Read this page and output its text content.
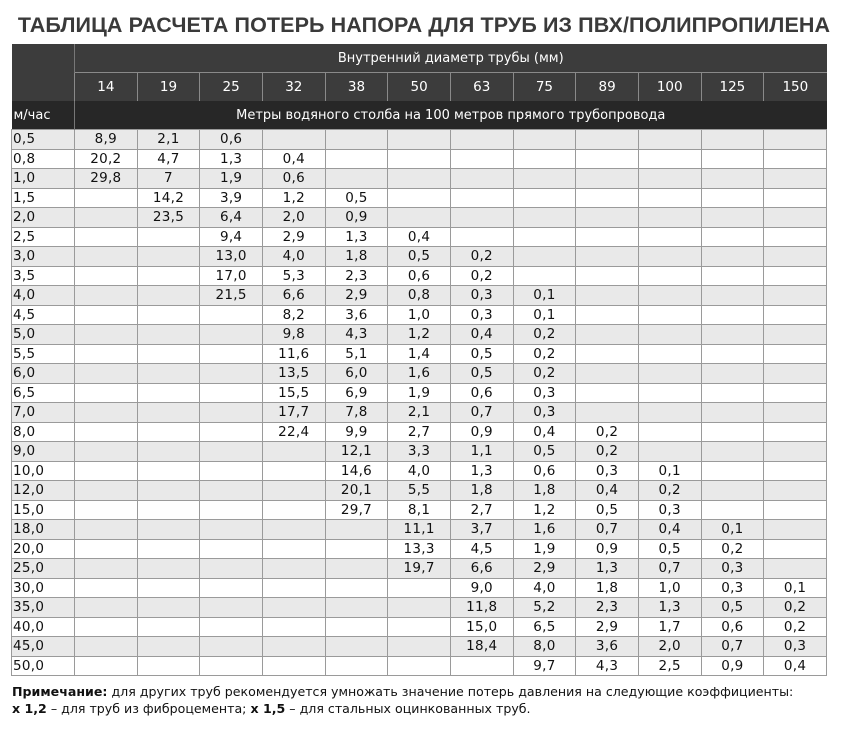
ТАБЛИЦА РАСЧЕТА ПОТЕРЬ НАПОРА ДЛЯ ТРУБ ИЗ ПВХ/ПОЛИПРОПИЛЕНА
	Внутренний диаметр трубы (мм)											
	14	19	25	32	38	50	63	75	89	100	125	150
м/час	Метры водяного столба на 100 метров прямого трубопровода											
0,5	8,9	2,1	0,6									
0,8	20,2	4,7	1,3	0,4								
1,0	29,8	7	1,9	0,6								
1,5		14,2	3,9	1,2	0,5							
2,0		23,5	6,4	2,0	0,9							
2,5			9,4	2,9	1,3	0,4						
3,0			13,0	4,0	1,8	0,5	0,2					
3,5			17,0	5,3	2,3	0,6	0,2					
4,0			21,5	6,6	2,9	0,8	0,3	0,1				
4,5				8,2	3,6	1,0	0,3	0,1				
5,0				9,8	4,3	1,2	0,4	0,2				
5,5				11,6	5,1	1,4	0,5	0,2				
6,0				13,5	6,0	1,6	0,5	0,2				
6,5				15,5	6,9	1,9	0,6	0,3				
7,0				17,7	7,8	2,1	0,7	0,3				
8,0				22,4	9,9	2,7	0,9	0,4	0,2			
9,0					12,1	3,3	1,1	0,5	0,2			
10,0					14,6	4,0	1,3	0,6	0,3	0,1		
12,0					20,1	5,5	1,8	1,8	0,4	0,2		
15,0					29,7	8,1	2,7	1,2	0,5	0,3		
18,0						11,1	3,7	1,6	0,7	0,4	0,1	
20,0						13,3	4,5	1,9	0,9	0,5	0,2	
25,0						19,7	6,6	2,9	1,3	0,7	0,3	
30,0							9,0	4,0	1,8	1,0	0,3	0,1
35,0							11,8	5,2	2,3	1,3	0,5	0,2
40,0							15,0	6,5	2,9	1,7	0,6	0,2
45,0							18,4	8,0	3,6	2,0	0,7	0,3
50,0								9,7	4,3	2,5	0,9	0,4
Примечание: для других труб рекомендуется умножать значение потерь давления на следующие коэффициенты:
x 1,2 – для труб из фиброцемента; x 1,5 – для стальных оцинкованных труб.
